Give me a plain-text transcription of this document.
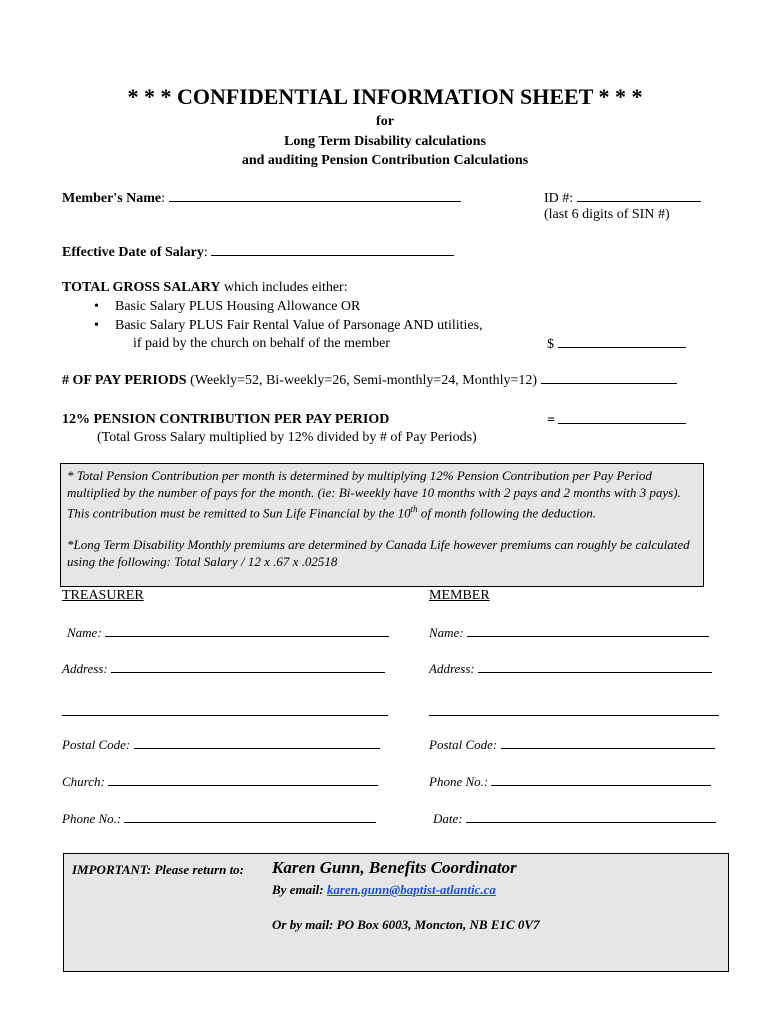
* * * CONFIDENTIAL INFORMATION SHEET * * *
for
Long Term Disability calculations
and auditing Pension Contribution Calculations
Member's Name:	ID #:
(last 6 digits of SIN #)
Effective Date of Salary:
TOTAL GROSS SALARY which includes either:
• Basic Salary PLUS Housing Allowance OR
• Basic Salary PLUS Fair Rental Value of Parsonage AND utilities,
if paid by the church on behalf of the member	$
# OF PAY PERIODS (Weekly=52, Bi-weekly=26, Semi-monthly=24, Monthly=12)
12% PENSION CONTRIBUTION PER PAY PERIOD	=
(Total Gross Salary multiplied by 12% divided by # of Pay Periods)

* Total Pension Contribution per month is determined by multiplying 12% Pension Contribution per Pay Period multiplied by the number of pays for the month. (ie: Bi-weekly have 10 months with 2 pays and 2 months with 3 pays). This contribution must be remitted to Sun Life Financial by the 10th of month following the deduction.

*Long Term Disability Monthly premiums are determined by Canada Life however premiums can roughly be calculated using the following: Total Salary / 12 x .67 x .02518

TREASURER
Name:
Address:
Postal Code:
Church:
Phone No.:
MEMBER
Name:
Address:
Postal Code:
Phone No.:
Date:
IMPORTANT: Please return to: Karen Gunn, Benefits Coordinator
By email: karen.gunn@baptist-atlantic.ca
Or by mail: PO Box 6003, Moncton, NB E1C 0V7
